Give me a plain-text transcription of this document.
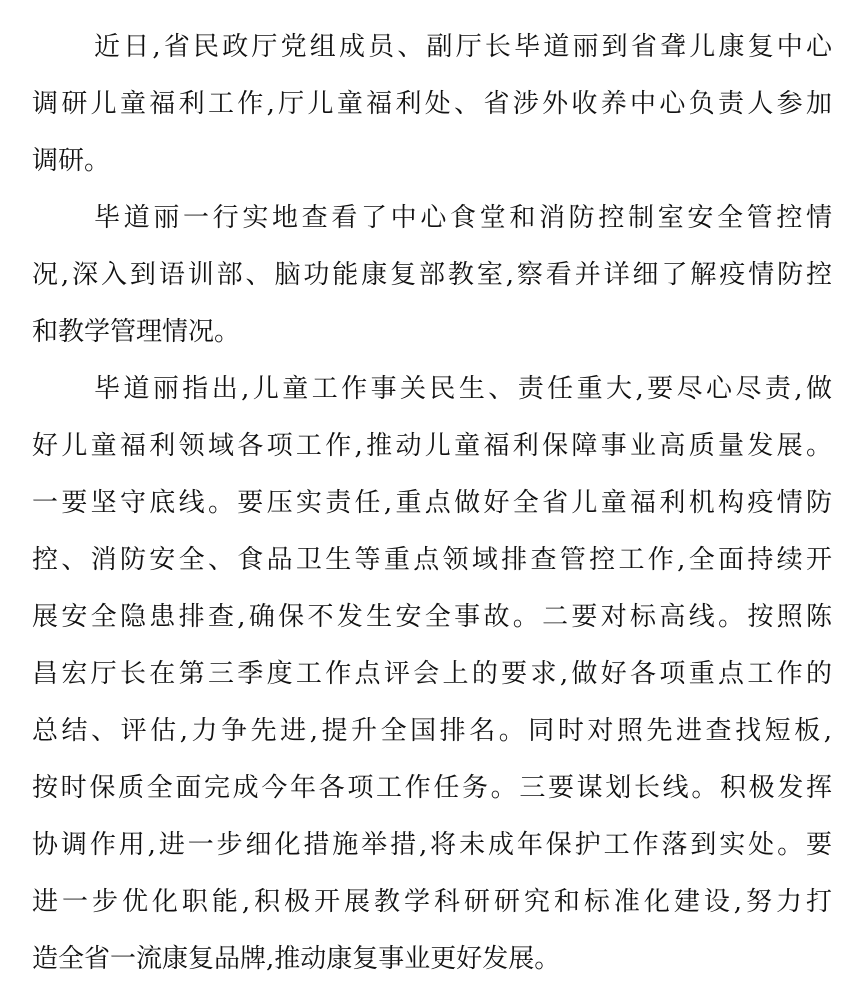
近日,省民政厅党组成员、副厅长毕道丽到省聋儿康复中心
调研儿童福利工作,厅儿童福利处、省涉外收养中心负责人参加
调研。
毕道丽一行实地查看了中心食堂和消防控制室安全管控情
况,深入到语训部、脑功能康复部教室,察看并详细了解疫情防控
和教学管理情况。
毕道丽指出,儿童工作事关民生、责任重大,要尽心尽责,做
好儿童福利领域各项工作,推动儿童福利保障事业高质量发展。
一要坚守底线。要压实责任,重点做好全省儿童福利机构疫情防
控、消防安全、食品卫生等重点领域排查管控工作,全面持续开
展安全隐患排查,确保不发生安全事故。二要对标高线。按照陈
昌宏厅长在第三季度工作点评会上的要求,做好各项重点工作的
总结、评估,力争先进,提升全国排名。同时对照先进查找短板,
按时保质全面完成今年各项工作任务。三要谋划长线。积极发挥
协调作用,进一步细化措施举措,将未成年保护工作落到实处。要
进一步优化职能,积极开展教学科研研究和标准化建设,努力打
造全省一流康复品牌,推动康复事业更好发展。
